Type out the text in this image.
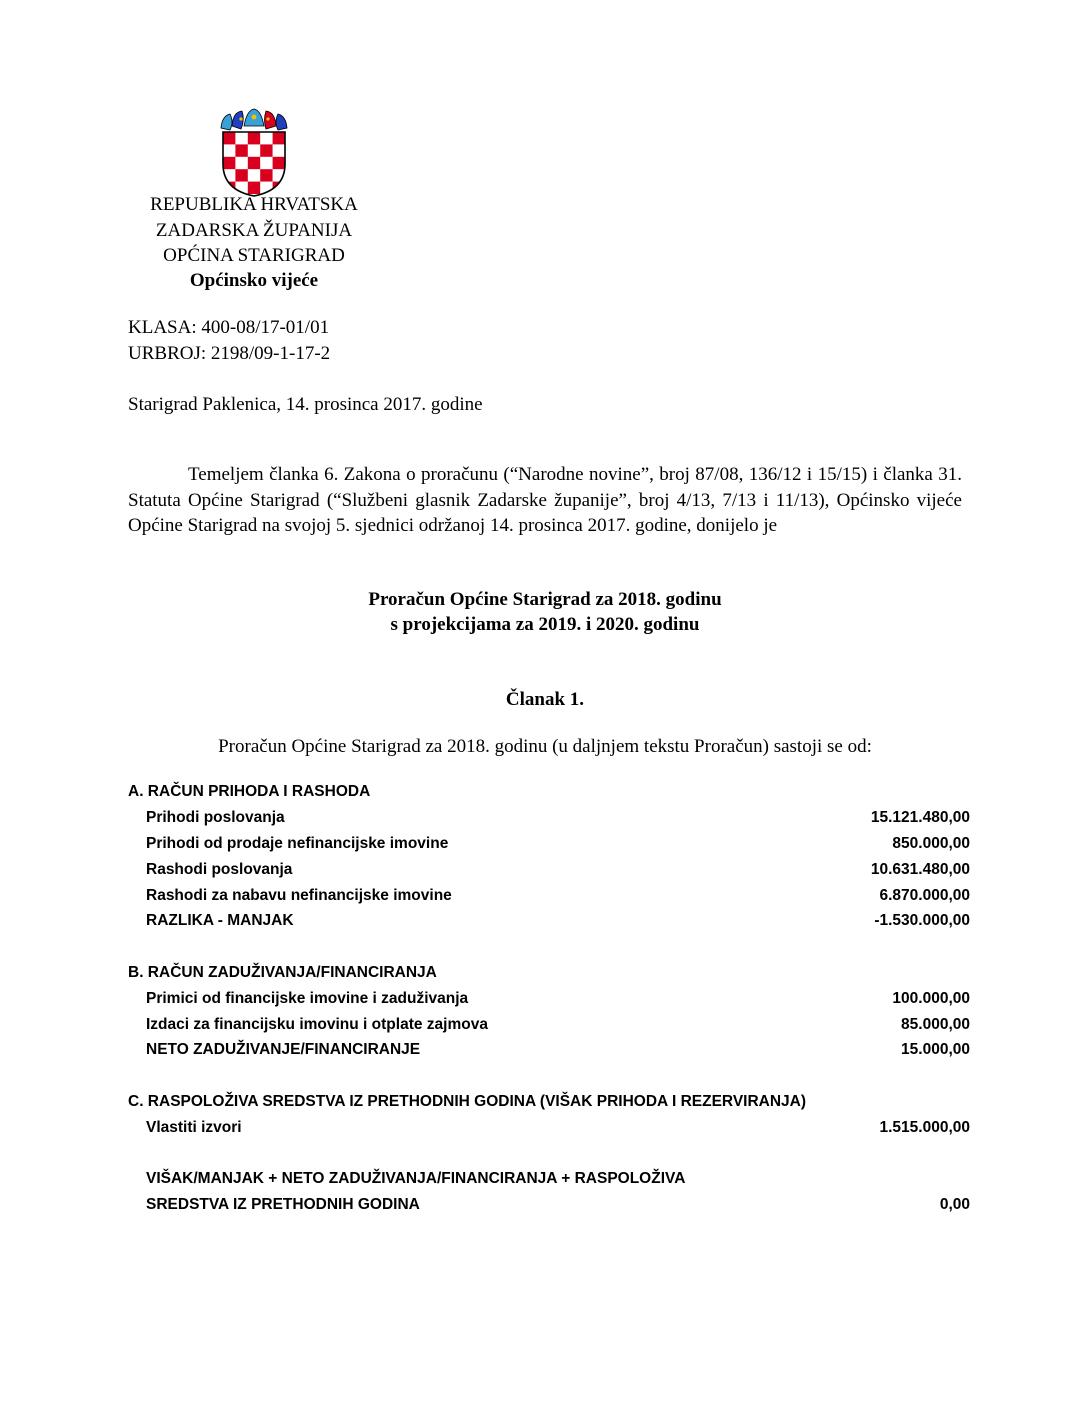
REPUBLIKA HRVATSKA
ZADARSKA ŽUPANIJA
OPĆINA STARIGRAD
Općinsko vijeće
KLASA: 400-08/17-01/01
URBROJ: 2198/09-1-17-2
Starigrad Paklenica, 14. prosinca 2017. godine
Temeljem članka 6. Zakona o proračunu (“Narodne novine”, broj 87/08, 136/12 i 15/15) i članka 31. Statuta Općine Starigrad (“Službeni glasnik Zadarske županije”, broj 4/13, 7/13 i 11/13), Općinsko vijeće Općine Starigrad na svojoj 5. sjednici održanoj 14. prosinca 2017. godine, donijelo je
Proračun Općine Starigrad za 2018. godinu
s projekcijama za 2019. i 2020. godinu
Članak 1.
Proračun Općine Starigrad za 2018. godinu (u daljnjem tekstu Proračun) sastoji se od:
A. RAČUN PRIHODA I RASHODA
Prihodi poslovanja	15.121.480,00
Prihodi od prodaje nefinancijske imovine	850.000,00
Rashodi poslovanja	10.631.480,00
Rashodi za nabavu nefinancijske imovine	6.870.000,00
RAZLIKA - MANJAK	-1.530.000,00
B. RAČUN ZADUŽIVANJA/FINANCIRANJA
Primici od financijske imovine i zaduživanja	100.000,00
Izdaci za financijsku imovinu i otplate zajmova	85.000,00
NETO ZADUŽIVANJE/FINANCIRANJE	15.000,00
C. RASPOLOŽIVA SREDSTVA IZ PRETHODNIH GODINA (VIŠAK PRIHODA I REZERVIRANJA)
Vlastiti izvori	1.515.000,00
VIŠAK/MANJAK + NETO ZADUŽIVANJA/FINANCIRANJA + RASPOLOŽIVA
SREDSTVA IZ PRETHODNIH GODINA	0,00
